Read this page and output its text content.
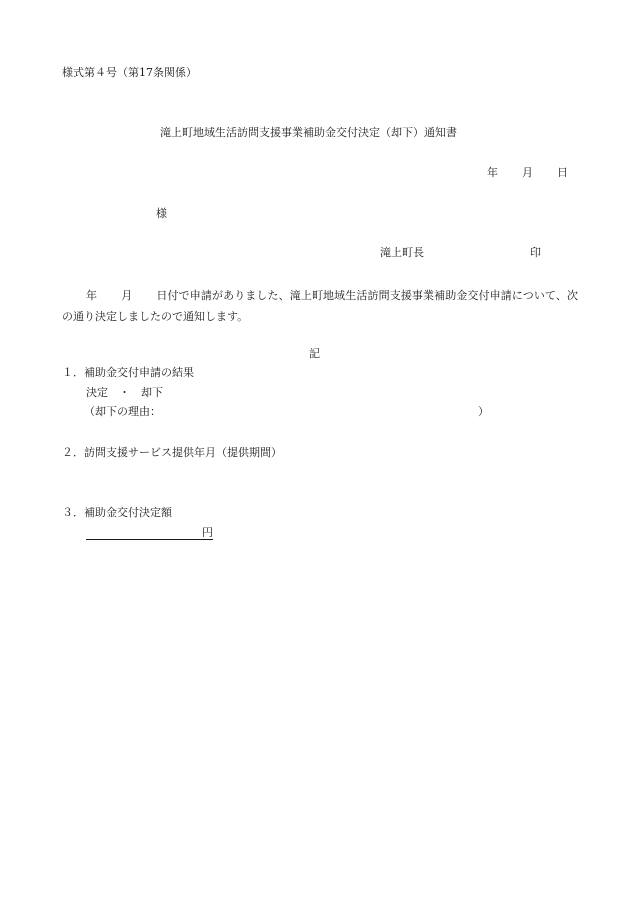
様式第４号（第17条関係）
滝上町地域生活訪問支援事業補助金交付決定（却下）通知書
年 月 日
様
滝上町長	印
年 月 日付で申請がありました、滝上町地域生活訪問支援事業補助金交付申請について、次の通り決定しましたので通知します。
記
１．補助金交付申請の結果
決定　・　却下
（却下の理由：	）
２．訪問支援サービス提供年月（提供期間）
３．補助金交付決定額
円
